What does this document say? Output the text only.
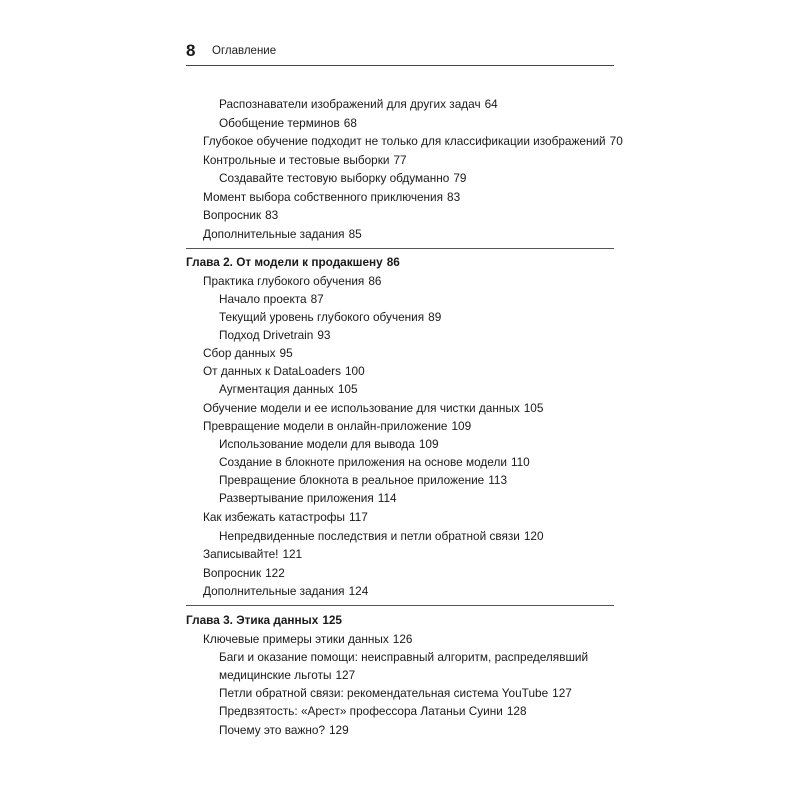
8 Оглавление
Распознаватели изображений для других задач 64
Обобщение терминов 68
Глубокое обучение подходит не только для классификации изображений 70
Контрольные и тестовые выборки 77
Создавайте тестовую выборку обдуманно 79
Момент выбора собственного приключения 83
Вопросник 83
Дополнительные задания 85
Глава 2. От модели к продакшену 86
Практика глубокого обучения 86
Начало проекта 87
Текущий уровень глубокого обучения 89
Подход Drivetrain 93
Сбор данных 95
От данных к DataLoaders 100
Аугментация данных 105
Обучение модели и ее использование для чистки данных 105
Превращение модели в онлайн-приложение 109
Использование модели для вывода 109
Создание в блокноте приложения на основе модели 110
Превращение блокнота в реальное приложение 113
Развертывание приложения 114
Как избежать катастрофы 117
Непредвиденные последствия и петли обратной связи 120
Записывайте! 121
Вопросник 122
Дополнительные задания 124
Глава 3. Этика данных 125
Ключевые примеры этики данных 126
Баги и оказание помощи: неисправный алгоритм, распределявший
медицинские льготы 127
Петли обратной связи: рекомендательная система YouTube 127
Предвзятость: «Арест» профессора Латаньи Суини 128
Почему это важно? 129
